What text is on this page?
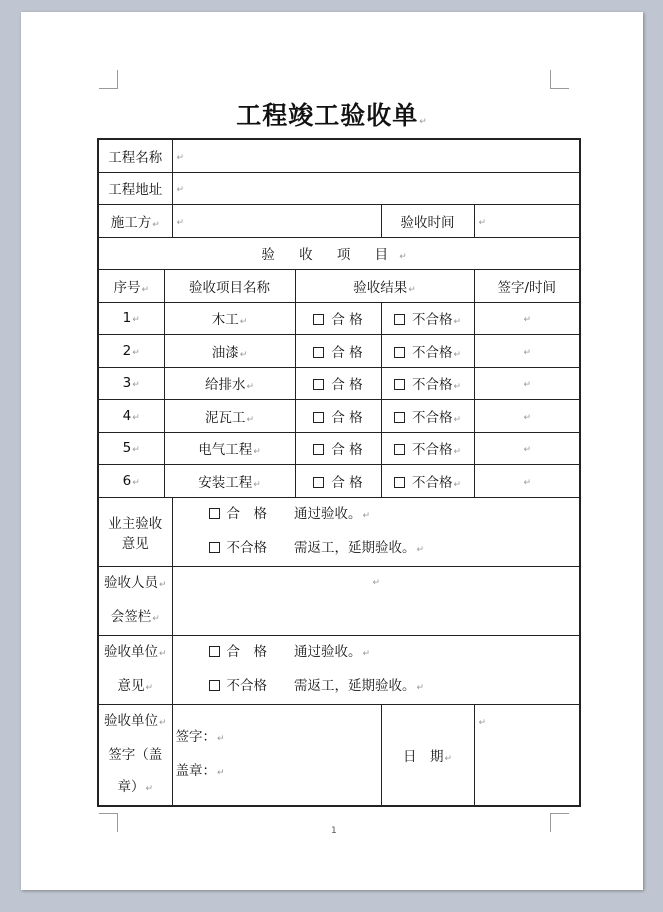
工程竣工验收单↵
工程名称		↵			
工程地址		↵			
施工方↵		↵		验收时间	↵
验 收 项 目↵					
序号↵	验收项目名称		验收结果↵		签字/时间
1↵	木工↵		合 格	不合格↵	↵
2↵	油漆↵		合 格	不合格↵	↵
3↵	给排水↵		合 格	不合格↵	↵
4↵	泥瓦工↵		合 格	不合格↵	↵
5↵	电气工程↵		合 格	不合格↵	↵
6↵	安装工程↵		合 格	不合格↵	↵
业主验收意见		合　格　　 通过验收。↵
不合格　　 需返工，延期验收。↵			

验收人员↵
会签栏↵		↵			

验收单位↵
意见↵		合　格　　 通过验收。↵
不合格　　 需返工，延期验收。↵			

验收单位↵
签字（盖章）↵		签字：↵
盖章：↵		日　期↵	↵
1
